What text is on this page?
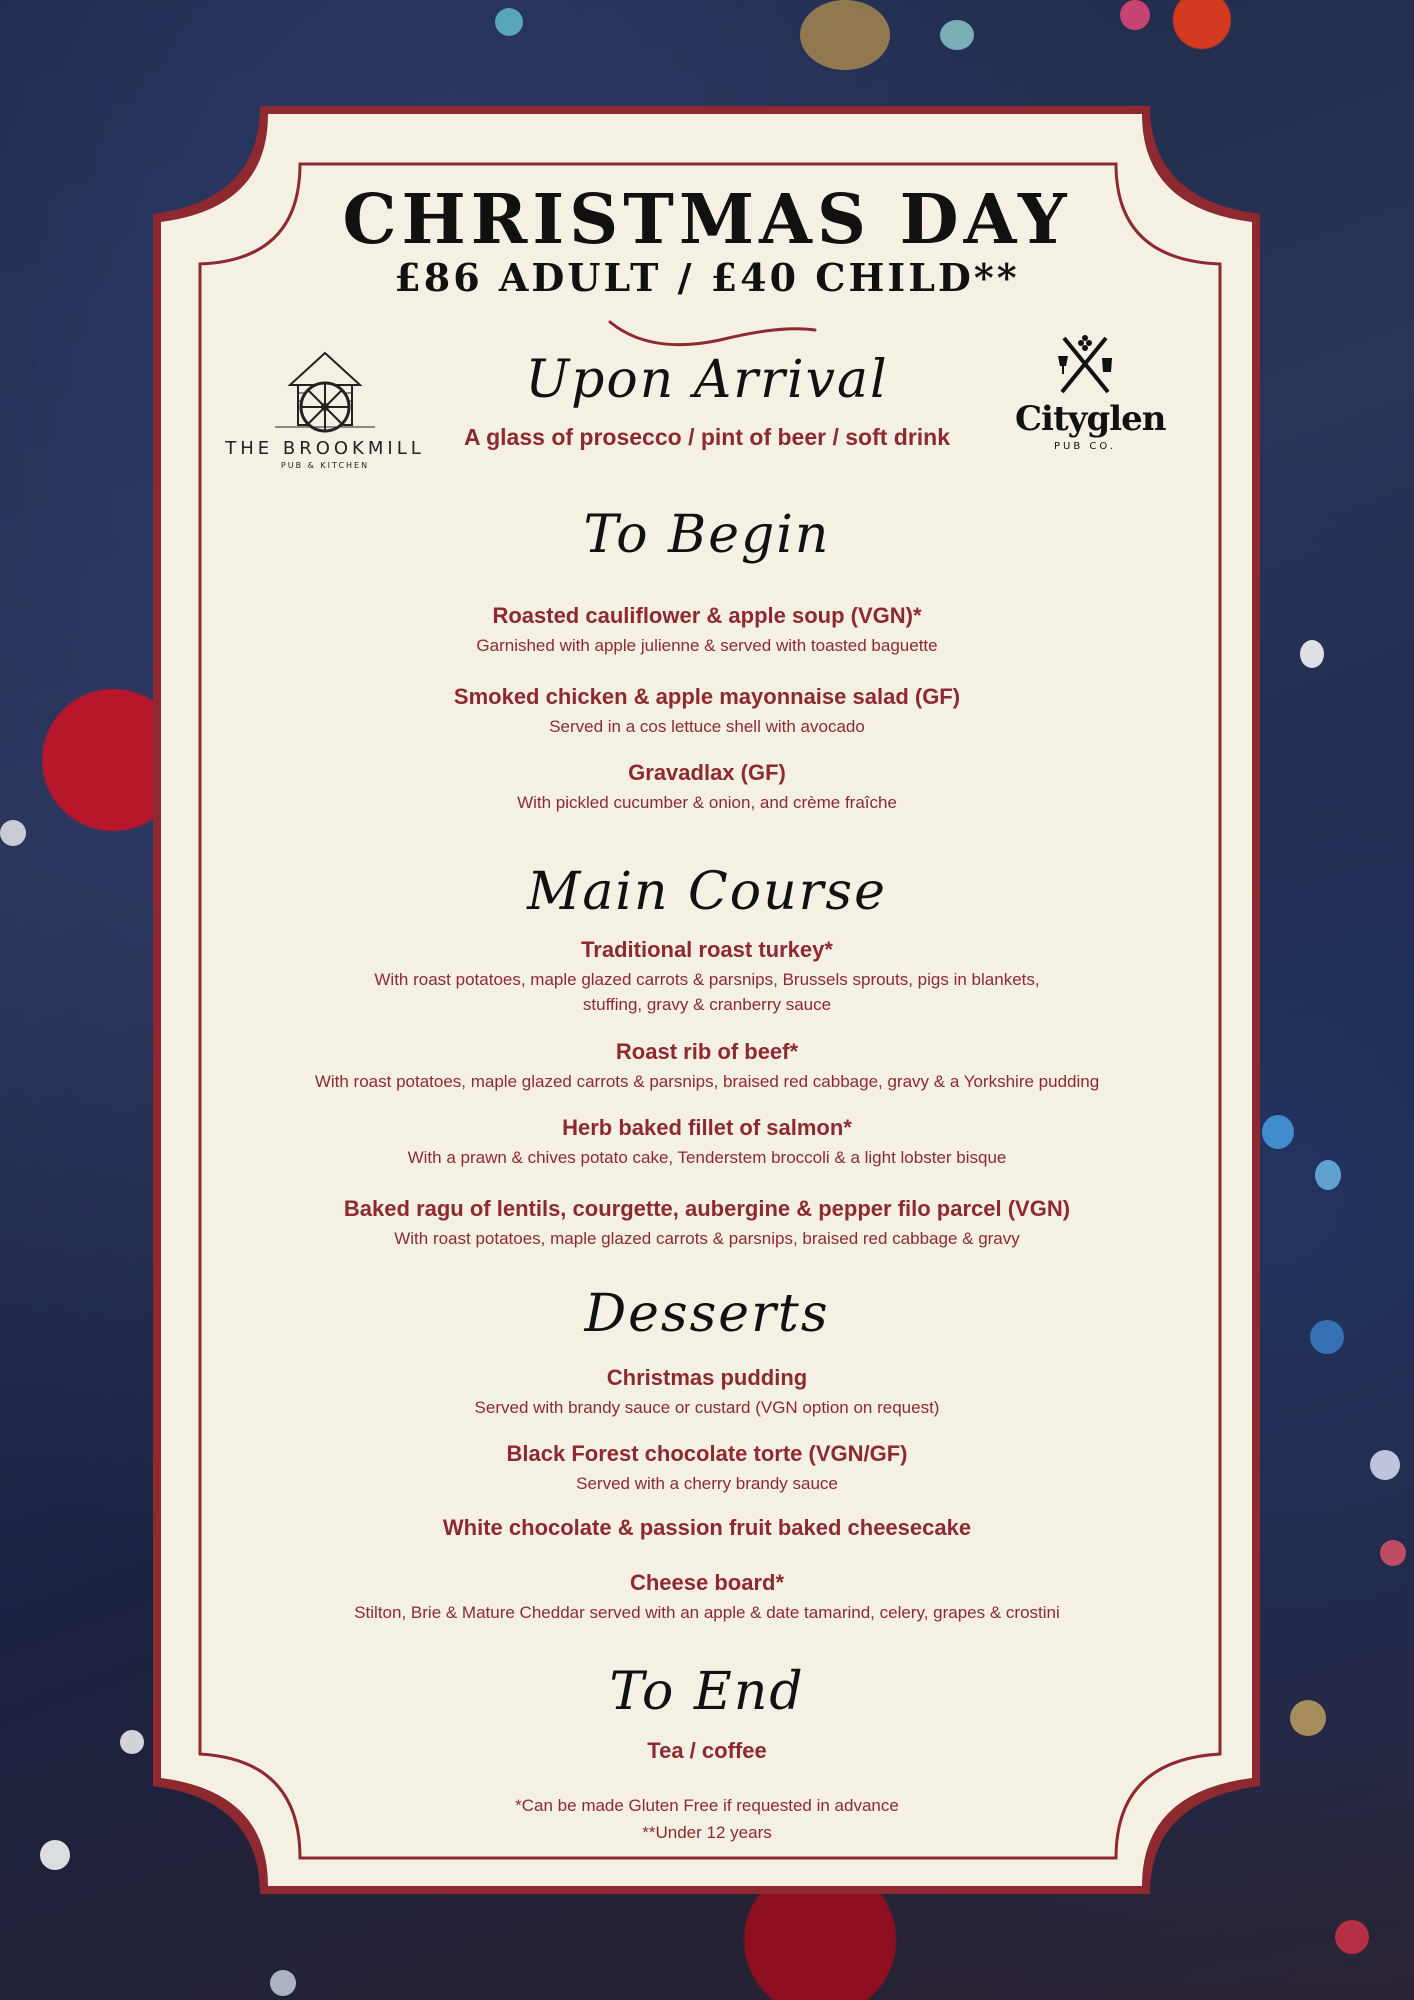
CHRISTMAS DAY
£86 ADULT / £40 CHILD**
THE BROOKMILL
PUB & KITCHEN
Cityglen
PUB CO.
Upon Arrival
A glass of prosecco / pint of beer / soft drink
To Begin
Roasted cauliflower & apple soup (VGN)*
Garnished with apple julienne & served with toasted baguette
Smoked chicken & apple mayonnaise salad (GF)
Served in a cos lettuce shell with avocado
Gravadlax (GF)
With pickled cucumber & onion, and crème fraîche
Main Course
Traditional roast turkey*
With roast potatoes, maple glazed carrots & parsnips, Brussels sprouts, pigs in blankets,
stuffing, gravy & cranberry sauce
Roast rib of beef*
With roast potatoes, maple glazed carrots & parsnips, braised red cabbage, gravy & a Yorkshire pudding
Herb baked fillet of salmon*
With a prawn & chives potato cake, Tenderstem broccoli & a light lobster bisque
Baked ragu of lentils, courgette, aubergine & pepper filo parcel (VGN)
With roast potatoes, maple glazed carrots & parsnips, braised red cabbage & gravy
Desserts
Christmas pudding
Served with brandy sauce or custard (VGN option on request)
Black Forest chocolate torte (VGN/GF)
Served with a cherry brandy sauce
White chocolate & passion fruit baked cheesecake
Cheese board*
Stilton, Brie & Mature Cheddar served with an apple & date tamarind, celery, grapes & crostini
To End
Tea / coffee
*Can be made Gluten Free if requested in advance
**Under 12 years
